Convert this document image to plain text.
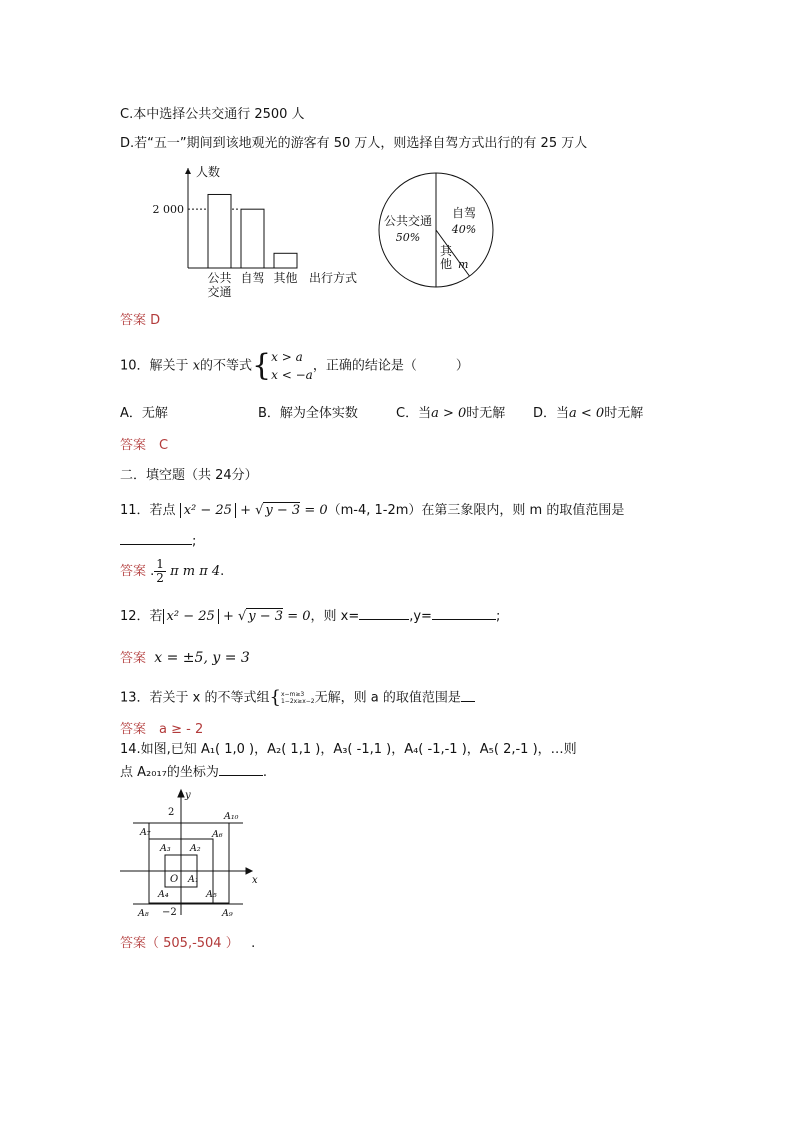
C.本中选择公共交通行 2500 人
D.若“五一”期间到该地观光的游客有 50 万人，则选择自驾方式出行的有 25 万人
人数
2 000
公共
交通
自驾 其他 出行方式
公共交通
50%
自驾
40%
其
他 m
答案 D
10．解关于 x的不等式{ x > a
x < −a
，正确的结论是（　　　）
A．无解	B．解为全体实数	C．当a > 0时无解 D．当a < 0时无解
答案　C
二．填空题（共 24分）
11．若点 x² − 25 + √ y − 3 = 0（m-4, 1-2m）在第三象限内，则 m 的取值范围是
;
答案 . $\frac{1}{2}$ π m π 4.
12．若 x² − 25 + √ y − 3 = 0，则 x=	,y=	;
答案 x = ±5, y = 3
13．若关于 x 的不等式组{ x−m≥3
1−2x≥x−2 无解，则 a 的取值范围是
答案　a ≥ - 2
14.如图,已知 A₁( 1,0 )，A₂( 1,1 )，A₃( -1,1 )，A₄( -1,-1 )，A₅( 2,-1 )，…则
点 A₂₀₁₇的坐标为	.
y
x
O
2
−2
A₁
A₂
A₃
A₄	A₅
A₆
A₇
A₈	A₉
A₁₀
答案（ 505,-504 ） .
